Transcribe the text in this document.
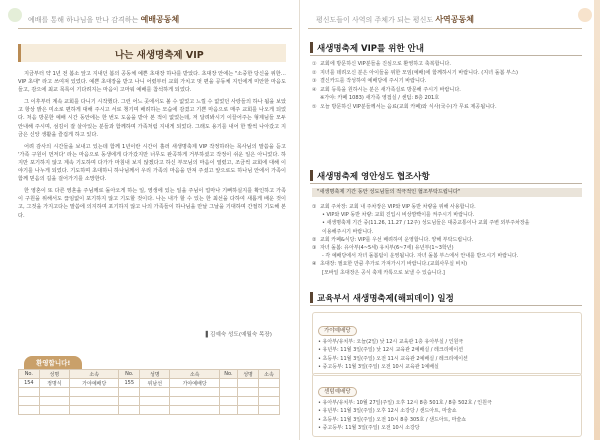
예배를 통해 하나님을 만나 감격하는 예배공동체
나는 새생명축제 VIP

지금부터 약 1년 전 봄소 앞고 지내던 봄의 공동체 예쁜 초대장 하나를 받았다. 초대장 안에는 "소중한 당신을 위한…VIP 초대" 라고 쓰여져 있었다. 예쁜 초대장을 받고 나니 어렸부터 교회 가치고 멋 편을 공동체 지인에게 미안한 마음도 들고, 감으에 최교 목록이 기다려지는 마음이 고마워 예배를 참석하게 되었다.

그 이후부터 계속 교회를 다니기 시작했다. 그런 어느 곳에서도 볼 수 없었고 느낄 수 없었던 사랑들의 하나 됨을 보았고 항상 밝은 미소로 편하게 대해 주시고 서로 챙기며 배려하는 모습에 감겼고 기쁜 마음으로 매주 교회를 나오게 되었다. 처음 방문한 예배 시간 동안에는 한 번도 도움을 받아 본 적이 없었는데, 저 달려봐시기 이끌어주는 형제님들 모두 안내해 주시며, 섬김이 잘 살아있는 분들과 함께하며 가족처럼 지내게 되었다. 그래도 용기를 내어 한 발씩 나아갔고 지금은 신앙 생활을 즐겁게 하고 있다.

어려 감사의 시간들을 보내고 있는데 함께 1년이란 시간이 흘러 새생명축제 VIP 작정하라는 목사님의 말씀을 듣고 '가족 구원이 먼저다' 라는 마음으로 동생에게 다가갔지만 너무도 완곡하게 거부하셨고 작정이 쉬운 일은 아니었다. 하지만 포기하지 않고 계속 기도하며 다가가 마침내 보지 않겠다고 하신 부모님의 마음이 열렸고, 조금씩 교회에 대해 이야기를 나누게 되었다. 기도하며 초대하니 하나님께서 우리 가족의 마음을 만져 주셨고 앞으로도 하나님 안에서 가족이 함께 믿음의 길을 걸어가기를 소망한다.

한 영혼이 또 다른 영혼을 주님께로 돌아오게 하는 일, 영생에 있는 일을 주님이 얼마나 기뻐하실지를 확인하고 가족이 구원을 위해서도 끊임없이 포기하지 않고 기도할 것이다. 나는 내가 할 수 있는 한 최선을 다하여 새롭게 배운 것이고, 그것을 가지고다는 말씀에 의지하며 포기하지 않고 나의 가족들이 하나님을 만날 그날을 기대하며 간절히 기도해 본다.

▌김예숙 성도(예월숙 목장)
환영합니다!
No.	성명	소속	No.	성명	소속	No.	성명	소속
154	정명식	가야예배당	155	위남선	가야예배당			

평신도들이 사역의 주체가 되는 평신도 사역공동체
새생명축제 VIP를 위한 안내
① 교회에 방문하신 VIP분들을 진심으로 환영하고 축복합니다.
② 지녀를 데려오신 분은 아이들을 위한 모임(예배)에 함께하시기 바랍니다. (지녀 돌봄 부스)
③ 결신카드를 작성하여 예배당에 주시기 바랍니다.
④ 교회 등록을 원하시는 분은 새가족실로 방문해 주시기 바랍니다.
※가야: 카페 1083) 새가족 영접실 / 센텀: 8층 201호
⑤ 오늘 방문하신 VIP분들께서는 음료(교회 카페)와 식사(국수)가 무료 제공됩니다.
새생명축제 영안성도 협조사항
"새생명축제 기간 동안 성도님들의 적극적인 협조부탁드립니다"
① 교회 주차장: 교회 내 주차장은 VIP와 VIP 동반 차량을 위해 사용합니다.
• VIP와 VIP 동반 차량: 교회 진입시 비상깜빡이를 켜주시기 바랍니다.
• 새생명축제 기간 중(11.26, 11.27 / 12주) 성도님들은 대중교통이나 교회 주변 외부주차장을
이용해주시기 바랍니다.
② 교회 카페&식당: VIP를 우선 배려하여 운영합니다. 양해 부탁드립니다.
③ 자녀 돌봄: 유아부(4~5세) 유치부(6~7세) 유년부(1~3학년)
- 각 예배당에서 자녀 돌봄팀이 운영됩니다. 자녀 돌봄 부스에서 안내를 받으시기 바랍니다.
④ 초대장: 필요한 만큼 추가로 가져가시기 바랍니다.(교회사무실 비치)
[모바일 초대장은 공식 축제 카톡으로 보낼 수 있습니다.]
교육부서 새생명축제(해피데이) 일정
가야예배당
• 유아부/유치부: 오늘(2일) 낮 12시 교육관 1층 유아부실 / 인원극
• 유년부: 11월 3일(주일) 낮 12시 교육관 2예배실 / 레크리에이션
• 초등부: 11월 3일(주일) 오전 11시 교육관 2예배실 / 레크리에이션
• 중고등부: 11월 3일(주일) 오전 10시 교육관 1예배실
센텀예배당
• 유아부/유치부: 10월 27일(주일) 오후 12시 8층 501호 / 8층 502호 / 인원극
• 유년부: 11월 3일(주일) 오후 12시 소강당 / 샌드아트, 마술쇼
• 초등부: 11월 3일(주일) 오전 10시 8층 305호 / 샌드아트, 마술쇼
• 중고등부: 11월 3일(주일) 오전 10시 소강당
